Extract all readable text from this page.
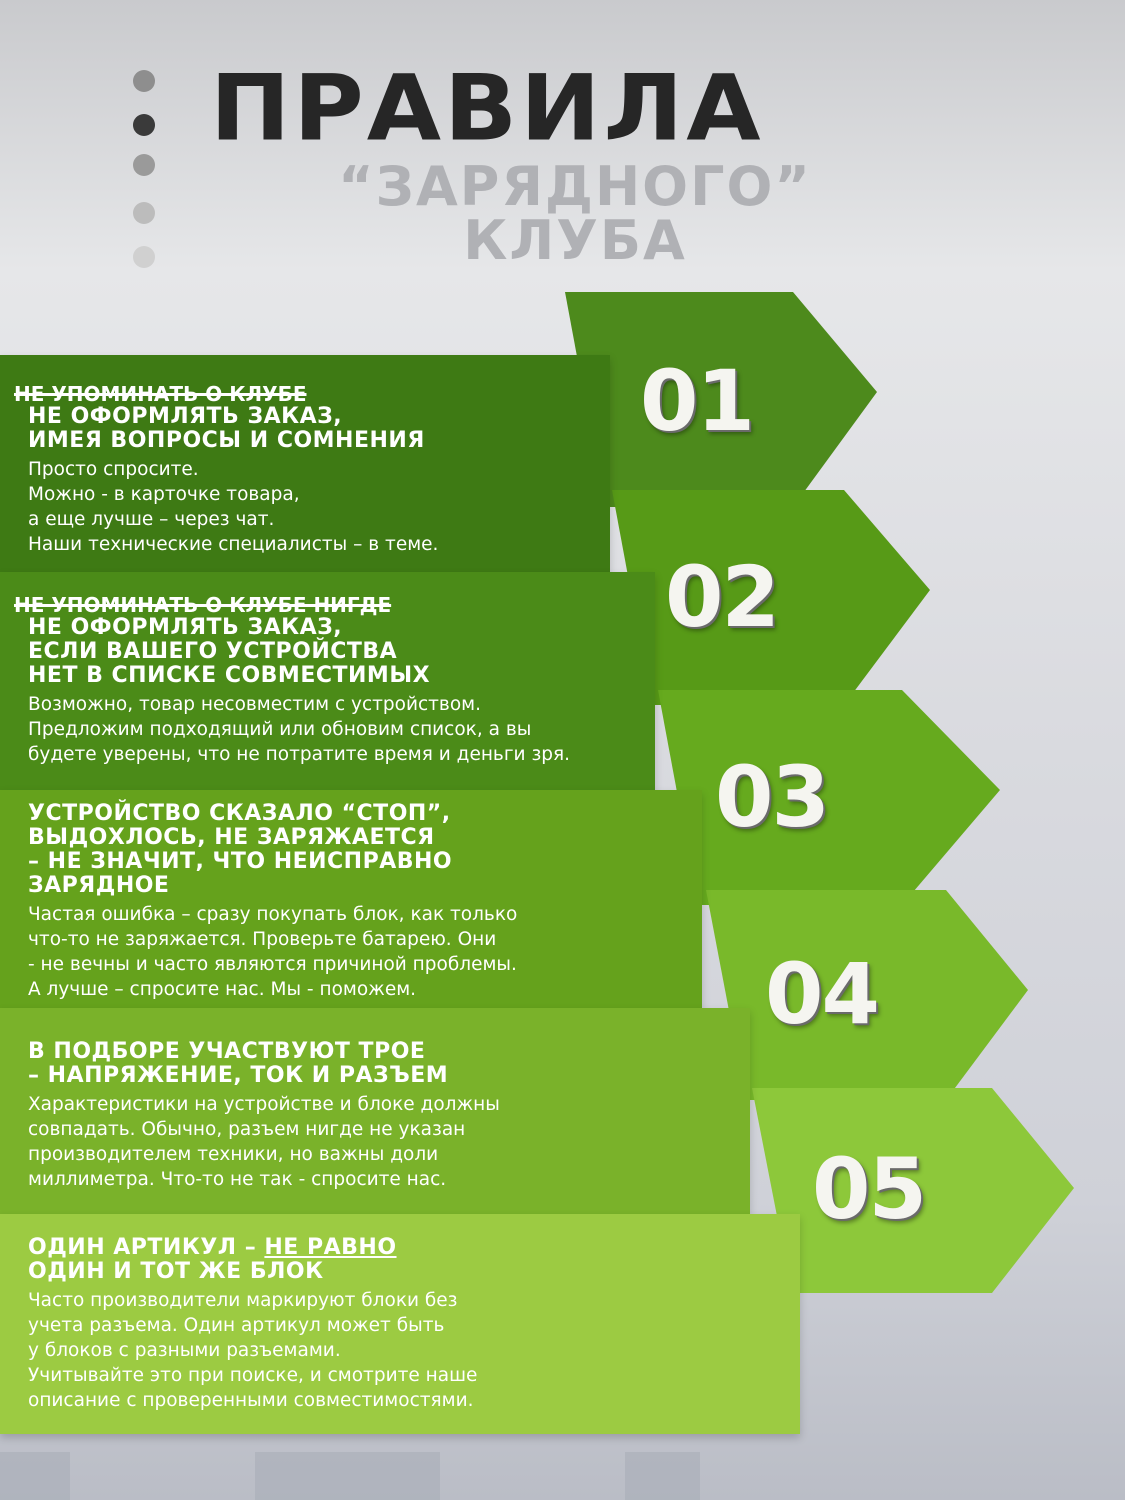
ПРАВИЛА
“ЗАРЯДНОГО”
КЛУБА
01
02
03
04
05
НЕ УПОМИНАТЬ О КЛУБЕ
НЕ ОФОРМЛЯТЬ ЗАКАЗ,
ИМЕЯ ВОПРОСЫ И СОМНЕНИЯ
Просто спросите.
Можно - в карточке товара,
а еще лучше – через чат.
Наши технические специалисты – в теме.
НЕ УПОМИНАТЬ О КЛУБЕ НИГДЕ
НЕ ОФОРМЛЯТЬ ЗАКАЗ,
ЕСЛИ ВАШЕГО УСТРОЙСТВА
НЕТ В СПИСКЕ СОВМЕСТИМЫХ
Возможно, товар несовместим с устройством.
Предложим подходящий или обновим список, а вы
будете уверены, что не потратите время и деньги зря.
УСТРОЙСТВО СКАЗАЛО “СТОП”,
ВЫДОХЛОСЬ, НЕ ЗАРЯЖАЕТСЯ
– НЕ ЗНАЧИТ, ЧТО НЕИСПРАВНО
ЗАРЯДНОЕ
Частая ошибка – сразу покупать блок, как только
что-то не заряжается. Проверьте батарею. Они
- не вечны и часто являются причиной проблемы.
А лучше – спросите нас. Мы - поможем.
В ПОДБОРЕ УЧАСТВУЮТ ТРОЕ
– НАПРЯЖЕНИЕ, ТОК И РАЗЪЕМ
Характеристики на устройстве и блоке должны
совпадать. Обычно, разъем нигде не указан
производителем техники, но важны доли
миллиметра. Что-то не так - спросите нас.
ОДИН АРТИКУЛ – НЕ РАВНО
ОДИН И ТОТ ЖЕ БЛОК
Часто производители маркируют блоки без
учета разъема. Один артикул может быть
у блоков с разными разъемами.
Учитывайте это при поиске, и смотрите наше
описание с проверенными совместимостями.
